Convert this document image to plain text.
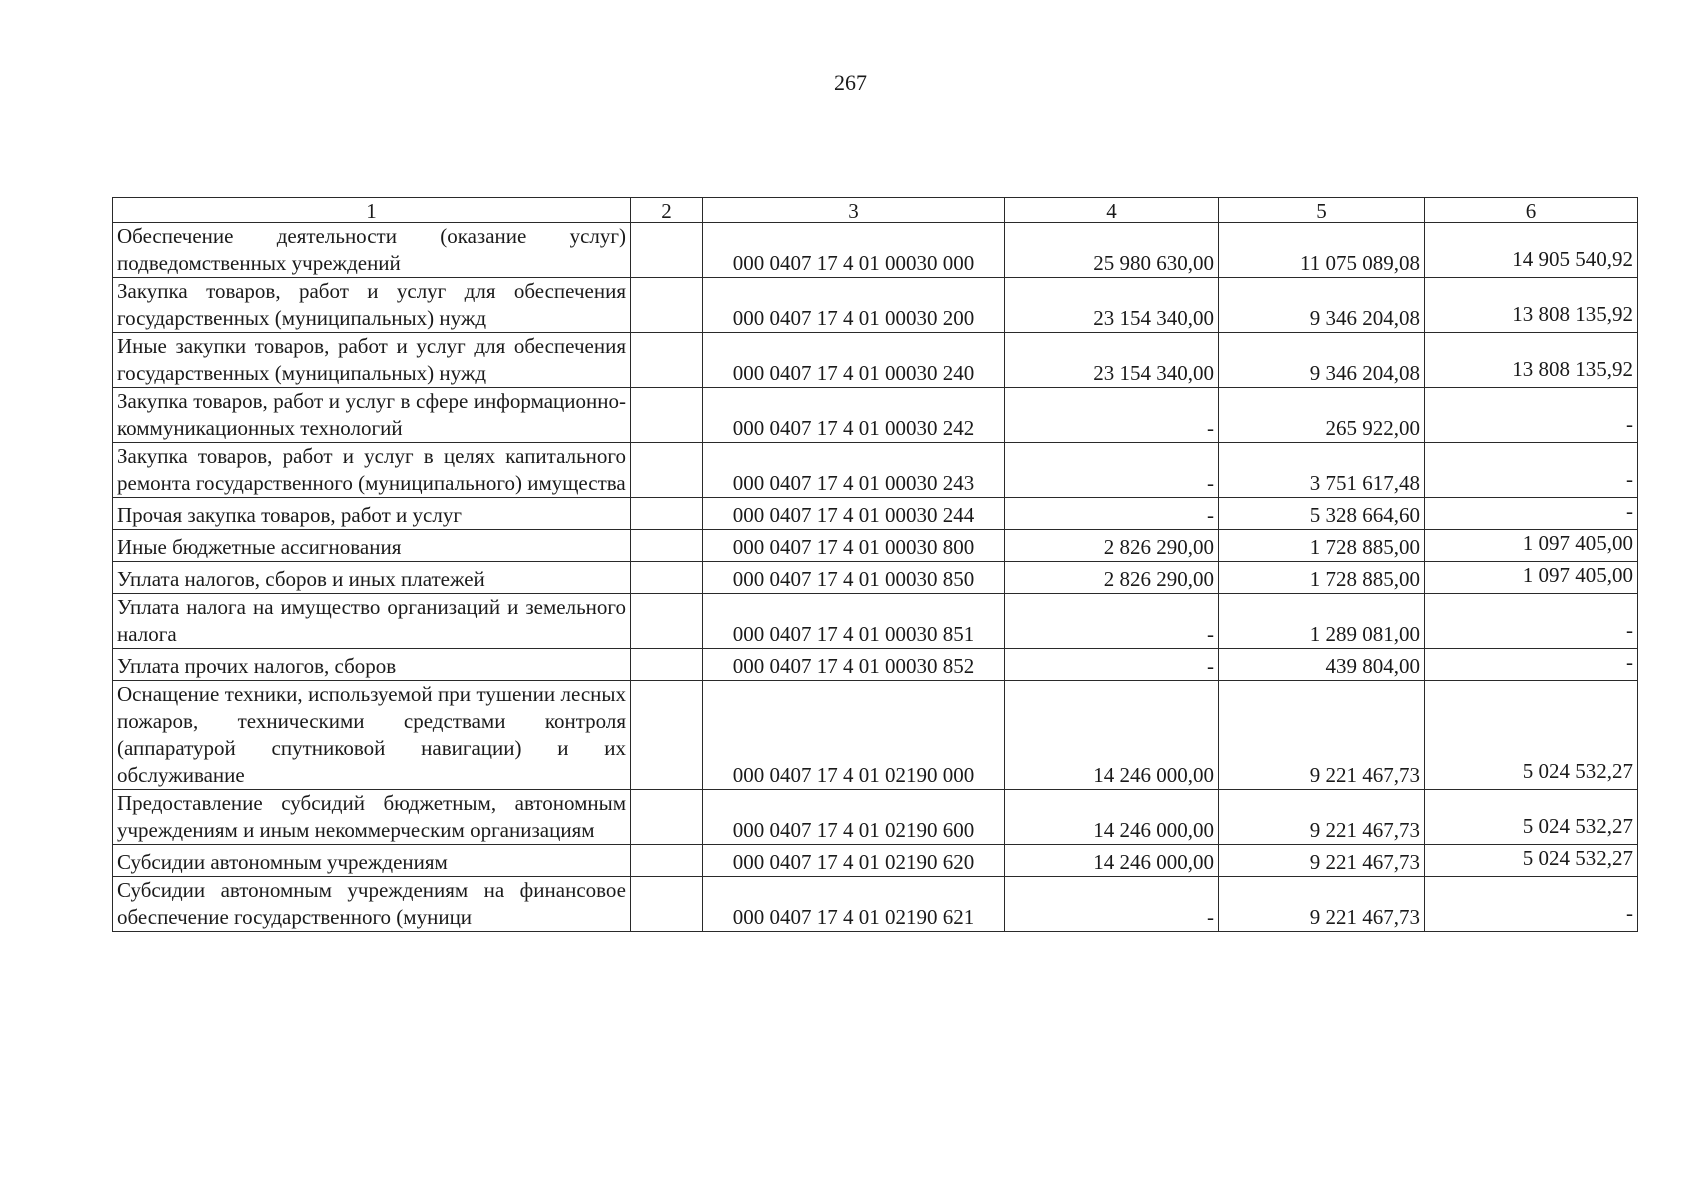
267
1	2	3	4	5	6
Обеспечение деятельности (оказание услуг) подведомственных учреждений		000 0407 17 4 01 00030 000	25 980 630,00	11 075 089,08	14 905 540,92
Закупка товаров, работ и услуг для обеспечения государственных (муниципальных) нужд		000 0407 17 4 01 00030 200	23 154 340,00	9 346 204,08	13 808 135,92
Иные закупки товаров, работ и услуг для обеспечения государственных (муниципальных) нужд		000 0407 17 4 01 00030 240	23 154 340,00	9 346 204,08	13 808 135,92
Закупка товаров, работ и услуг в сфере информационно-коммуникационных технологий		000 0407 17 4 01 00030 242	-	265 922,00	-
Закупка товаров, работ и услуг в целях капитального ремонта государственного (муниципального) имущества		000 0407 17 4 01 00030 243	-	3 751 617,48	-
Прочая закупка товаров, работ и услуг		000 0407 17 4 01 00030 244	-	5 328 664,60	-
Иные бюджетные ассигнования		000 0407 17 4 01 00030 800	2 826 290,00	1 728 885,00	1 097 405,00
Уплата налогов, сборов и иных платежей		000 0407 17 4 01 00030 850	2 826 290,00	1 728 885,00	1 097 405,00
Уплата налога на имущество организаций и земельного налога		000 0407 17 4 01 00030 851	-	1 289 081,00	-
Уплата прочих налогов, сборов		000 0407 17 4 01 00030 852	-	439 804,00	-
Оснащение техники, используемой при тушении лесных пожаров, техническими средствами контроля (аппаратурой спутниковой навигации) и их обслуживание		000 0407 17 4 01 02190 000	14 246 000,00	9 221 467,73	5 024 532,27
Предоставление субсидий бюджетным, автономным учреждениям и иным некоммерческим организациям		000 0407 17 4 01 02190 600	14 246 000,00	9 221 467,73	5 024 532,27
Субсидии автономным учреждениям		000 0407 17 4 01 02190 620	14 246 000,00	9 221 467,73	5 024 532,27
Субсидии автономным учреждениям на финансовое обеспечение государственного (муници		000 0407 17 4 01 02190 621	-	9 221 467,73	-
